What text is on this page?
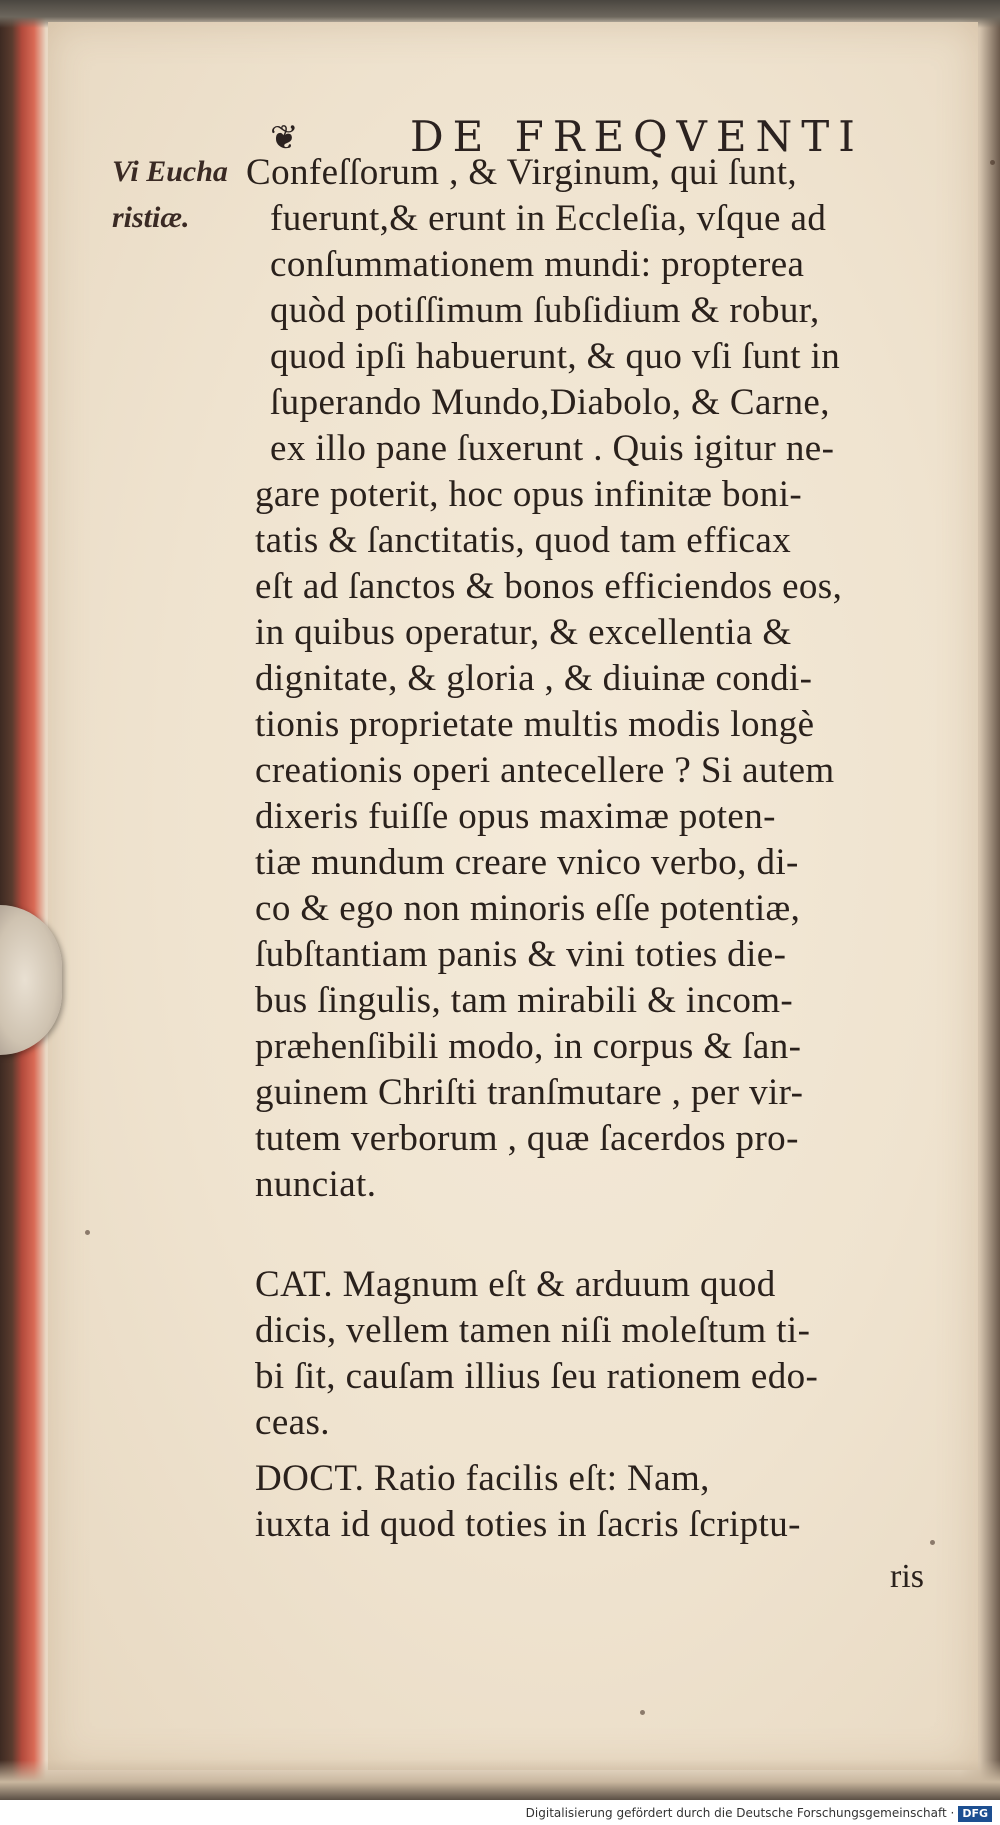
❦	DE FREQVENTI
Vi Eucha
ristiæ.
Confeſſorum , & Virginum, qui ſunt,
fuerunt,& erunt in Eccleſia, vſque ad
conſummationem mundi: propterea
quòd potiſſimum ſubſidium & robur,
quod ipſi habuerunt, & quo vſi ſunt in
ſuperando Mundo,Diabolo, & Carne,
ex illo pane ſuxerunt . Quis igitur ne-
gare poterit, hoc opus infinitæ boni-
tatis & ſanctitatis, quod tam efficax
eſt ad ſanctos & bonos efficiendos eos,
in quibus operatur, & excellentia &
dignitate, & gloria , & diuinæ condi-
tionis proprietate multis modis longè
creationis operi antecellere ? Si autem
dixeris fuiſſe opus maximæ poten-
tiæ mundum creare vnico verbo, di-
co & ego non minoris eſſe potentiæ,
ſubſtantiam panis & vini toties die-
bus ſingulis, tam mirabili & incom-
præhenſibili modo, in corpus & ſan-
guinem Chriſti tranſmutare , per vir-
tutem verborum , quæ ſacerdos pro-
nunciat.
CAT. Magnum eſt & arduum quod
dicis, vellem tamen niſi moleſtum ti-
bi ſit, cauſam illius ſeu rationem edo-
ceas.
DOCT. Ratio facilis eſt: Nam,
iuxta id quod toties in ſacris ſcriptu-
ris
Digitalisierung gefördert durch die Deutsche Forschungsgemeinschaft · DFG
